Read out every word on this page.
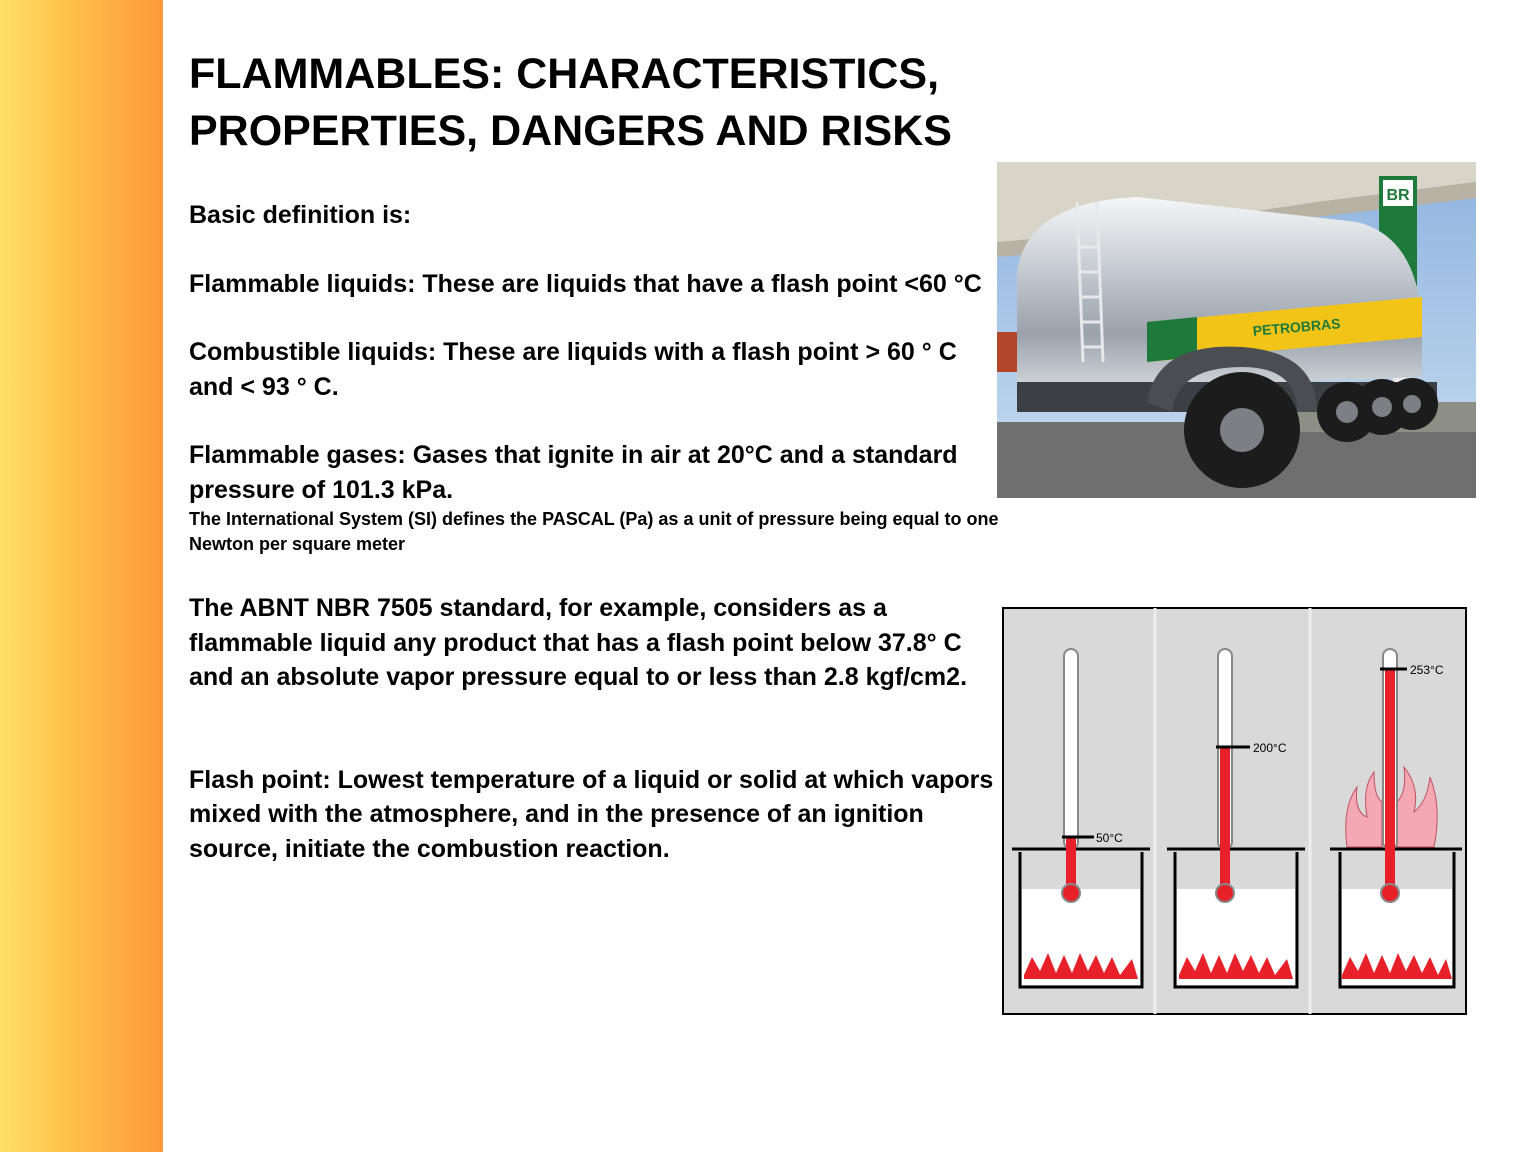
FLAMMABLES: CHARACTERISTICS, PROPERTIES, DANGERS AND RISKS

Basic definition is:

Flammable liquids: These are liquids that have a flash point <60 °C

Combustible liquids: These are liquids with a flash point > 60 ° C and < 93 ° C.

Flammable gases: Gases that ignite in air at 20°C and a standard pressure of 101.3 kPa.

The International System (SI) defines the PASCAL (Pa) as a unit of pressure being equal to one Newton per square meter

The ABNT NBR 7505 standard, for example, considers as a flammable liquid any product that has a flash point below 37.8° C and an absolute vapor pressure equal to or less than 2.8 kgf/cm2.

Flash point: Lowest temperature of a liquid or solid at which vapors mixed with the atmosphere, and in the presence of an ignition source, initiate the combustion reaction.

BR
PETROBRAS
50°C
200°C
253°C
